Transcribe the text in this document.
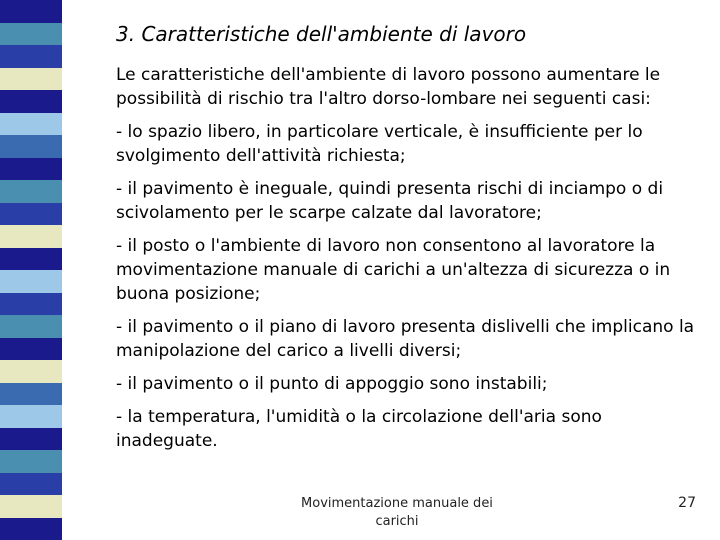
3. Caratteristiche dell'ambiente di lavoro

Le caratteristiche dell'ambiente di lavoro possono aumentare le possibilità di rischio tra l'altro dorso-lombare nei seguenti casi:

- lo spazio libero, in particolare verticale, è insufficiente per lo svolgimento dell'attività richiesta;

- il pavimento è ineguale, quindi presenta rischi di inciampo o di scivolamento per le scarpe calzate dal lavoratore;

- il posto o l'ambiente di lavoro non consentono al lavoratore la movimentazione manuale di carichi a un'altezza di sicurezza o in buona posizione;

- il pavimento o il piano di lavoro presenta dislivelli che implicano la manipolazione del carico a livelli diversi;

- il pavimento o il punto di appoggio sono instabili;

- la temperatura, l'umidità o la circolazione dell'aria sono inadeguate.

Movimentazione manuale dei carichi
27
